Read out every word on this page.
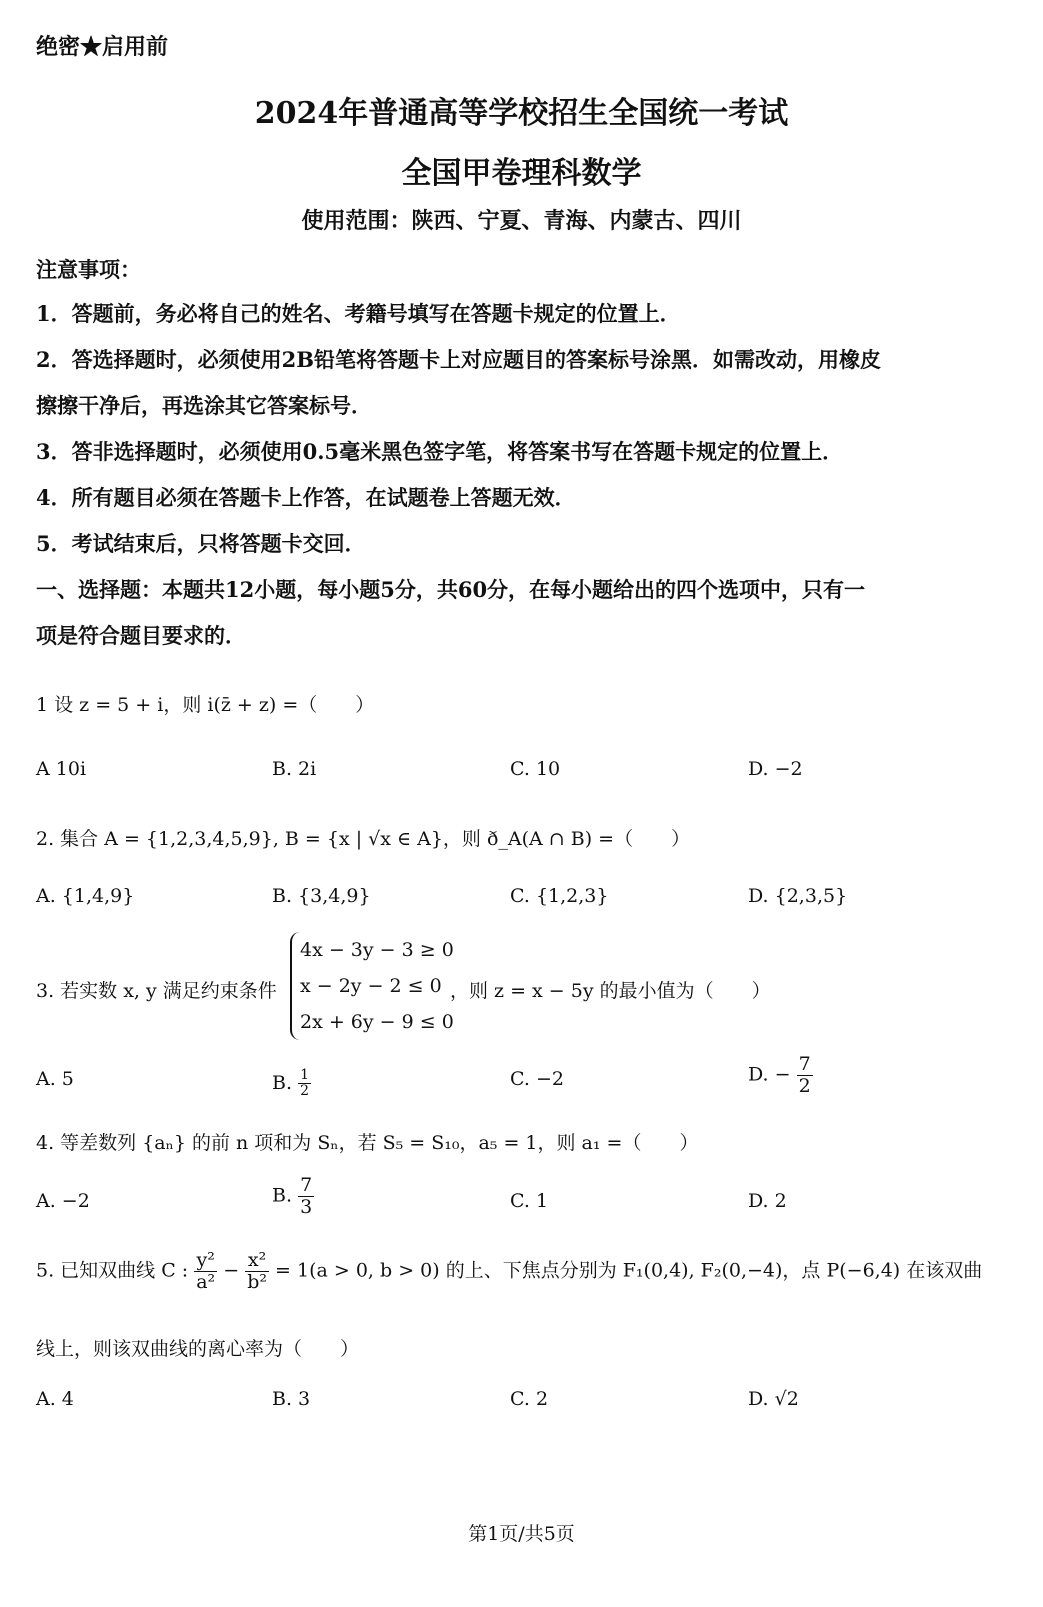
绝密★启用前
2024年普通高等学校招生全国统一考试
全国甲卷理科数学
使用范围：陕西、宁夏、青海、内蒙古、四川
注意事项：
1．答题前，务必将自己的姓名、考籍号填写在答题卡规定的位置上．
2．答选择题时，必须使用2B铅笔将答题卡上对应题目的答案标号涂黑．如需改动，用橡皮
擦擦干净后，再选涂其它答案标号．
3．答非选择题时，必须使用0.5毫米黑色签字笔，将答案书写在答题卡规定的位置上．
4．所有题目必须在答题卡上作答，在试题卷上答题无效．
5．考试结束后，只将答题卡交回．
一、选择题：本题共12小题，每小题5分，共60分，在每小题给出的四个选项中，只有一
项是符合题目要求的．
1 设 z = 5 + i，则 i(z̄ + z) =（　　）
A 10i	B. 2i	C. 10	D. −2
2. 集合 A = {1,2,3,4,5,9}, B = {x | √x ∈ A}，则 ð_A(A ∩ B) =（　　）
A. {1,4,9}	B. {3,4,9}	C. {1,2,3}	D. {2,3,5}
3. 若实数 x, y 满足约束条件
4x − 3y − 3 ≥ 0
x − 2y − 2 ≤ 0
2x + 6y − 9 ≤ 0
，则 z = x − 5y 的最小值为（　　）
A. 5	B. $\frac{1}{2}$	C. −2	D. − $\frac{7}{2}$
4. 等差数列 {aₙ} 的前 n 项和为 Sₙ，若 S₅ = S₁₀，a₅ = 1，则 a₁ =（　　）
A. −2	B. $\frac{7}{3}$	C. 1	D. 2
5. 已知双曲线 C : $\frac{\text{y²}}{\text{a²}} - \frac{\text{x²}}{\text{b²}} = 1(a > 0$, b > 0) 的上、下焦点分别为 F₁(0,4), F₂(0,−4)，点 P(−6,4) 在该双曲
线上，则该双曲线的离心率为（　　）
A. 4	B. 3	C. 2	D. √2
第1页/共5页
